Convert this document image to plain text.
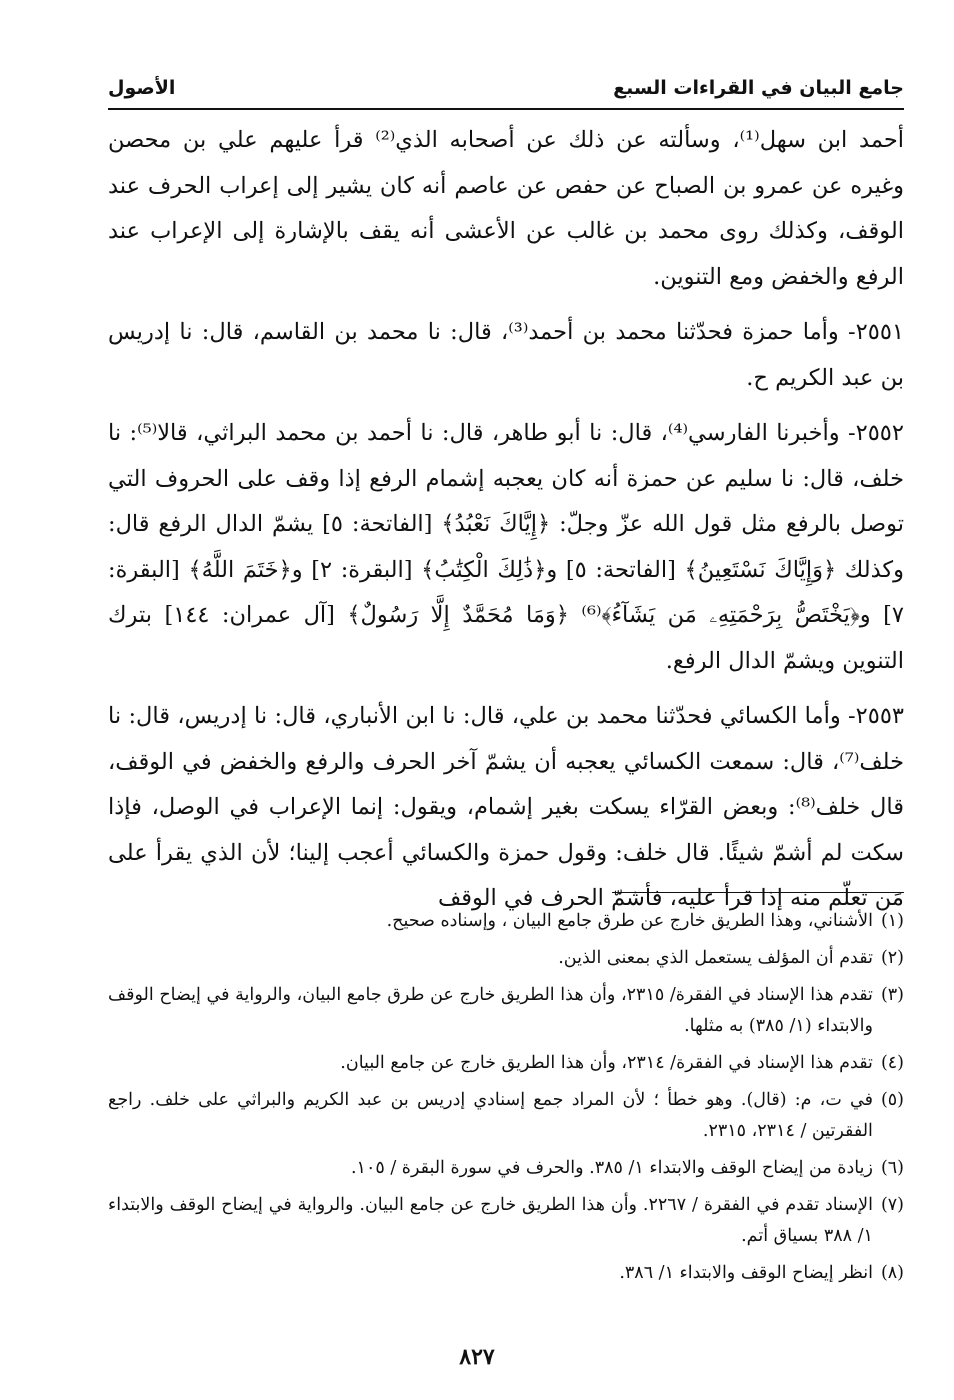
جامع البيان في القراءات السبع
الأصول

أحمد ابن سهل⁽¹⁾، وسألته عن ذلك عن أصحابه الذي⁽²⁾ قرأ عليهم علي بن محصن وغيره عن عمرو بن الصباح عن حفص عن عاصم أنه كان يشير إلى إعراب الحرف عند الوقف، وكذلك روى محمد بن غالب عن الأعشى أنه يقف بالإشارة إلى الإعراب عند الرفع والخفض ومع التنوين.

٢٥٥١- وأما حمزة فحدّثنا محمد بن أحمد⁽³⁾، قال: نا محمد بن القاسم، قال: نا إدريس بن عبد الكريم ح.

٢٥٥٢- وأخبرنا الفارسي⁽⁴⁾، قال: نا أبو طاهر، قال: نا أحمد بن محمد البراثي، قالا⁽⁵⁾: نا خلف، قال: نا سليم عن حمزة أنه كان يعجبه إشمام الرفع إذا وقف على الحروف التي توصل بالرفع مثل قول الله عزّ وجلّ: ﴿إِيَّاكَ نَعْبُدُ﴾ [الفاتحة: ٥] يشمّ الدال الرفع قال: وكذلك ﴿وَإِيَّاكَ نَسْتَعِينُ﴾ [الفاتحة: ٥] و﴿ذَٰلِكَ الْكِتَٰبُ﴾ [البقرة: ٢] و﴿خَتَمَ اللَّهُ﴾ [البقرة: ٧] و﴿يَخْتَصُّ بِرَحْمَتِهِۦ مَن يَشَآءُ﴾⁽⁶⁾ ﴿وَمَا مُحَمَّدٌ إِلَّا رَسُولٌ﴾ [آل عمران: ١٤٤] بترك التنوين ويشمّ الدال الرفع.

٢٥٥٣- وأما الكسائي فحدّثنا محمد بن علي، قال: نا ابن الأنباري، قال: نا إدريس، قال: نا خلف⁽⁷⁾، قال: سمعت الكسائي يعجبه أن يشمّ آخر الحرف والرفع والخفض في الوقف، قال خلف⁽⁸⁾: وبعض القرّاء يسكت بغير إشمام، ويقول: إنما الإعراب في الوصل، فإذا سكت لم أشمّ شيئًا. قال خلف: وقول حمزة والكسائي أعجب إلينا؛ لأن الذي يقرأ على مَن تعلّم منه إذا قرأ عليه، فأشمّ الحرف في الوقف

(١)
الأشناني، وهذا الطريق خارج عن طرق جامع البيان ، وإسناده صحيح.
(٢)
تقدم أن المؤلف يستعمل الذي بمعنى الذين.
(٣)
تقدم هذا الإسناد في الفقرة/ ٢٣١٥، وأن هذا الطريق خارج عن طرق جامع البيان، والرواية في إيضاح الوقف والابتداء (١/ ٣٨٥) به مثلها.
(٤)
تقدم هذا الإسناد في الفقرة/ ٢٣١٤، وأن هذا الطريق خارج عن جامع البيان.
(٥)
في ت، م: (قال). وهو خطأ ؛ لأن المراد جمع إسنادي إدريس بن عبد الكريم والبراثي على خلف. راجع الفقرتين / ٢٣١٤، ٢٣١٥.
(٦)
زيادة من إيضاح الوقف والابتداء ١/ ٣٨٥. والحرف في سورة البقرة / ١٠٥.
(٧)
الإسناد تقدم في الفقرة / ٢٢٦٧. وأن هذا الطريق خارج عن جامع البيان. والرواية في إيضاح الوقف والابتداء ١/ ٣٨٨ بسياق أتم.
(٨)
انظر إيضاح الوقف والابتداء ١/ ٣٨٦.
٨٢٧
